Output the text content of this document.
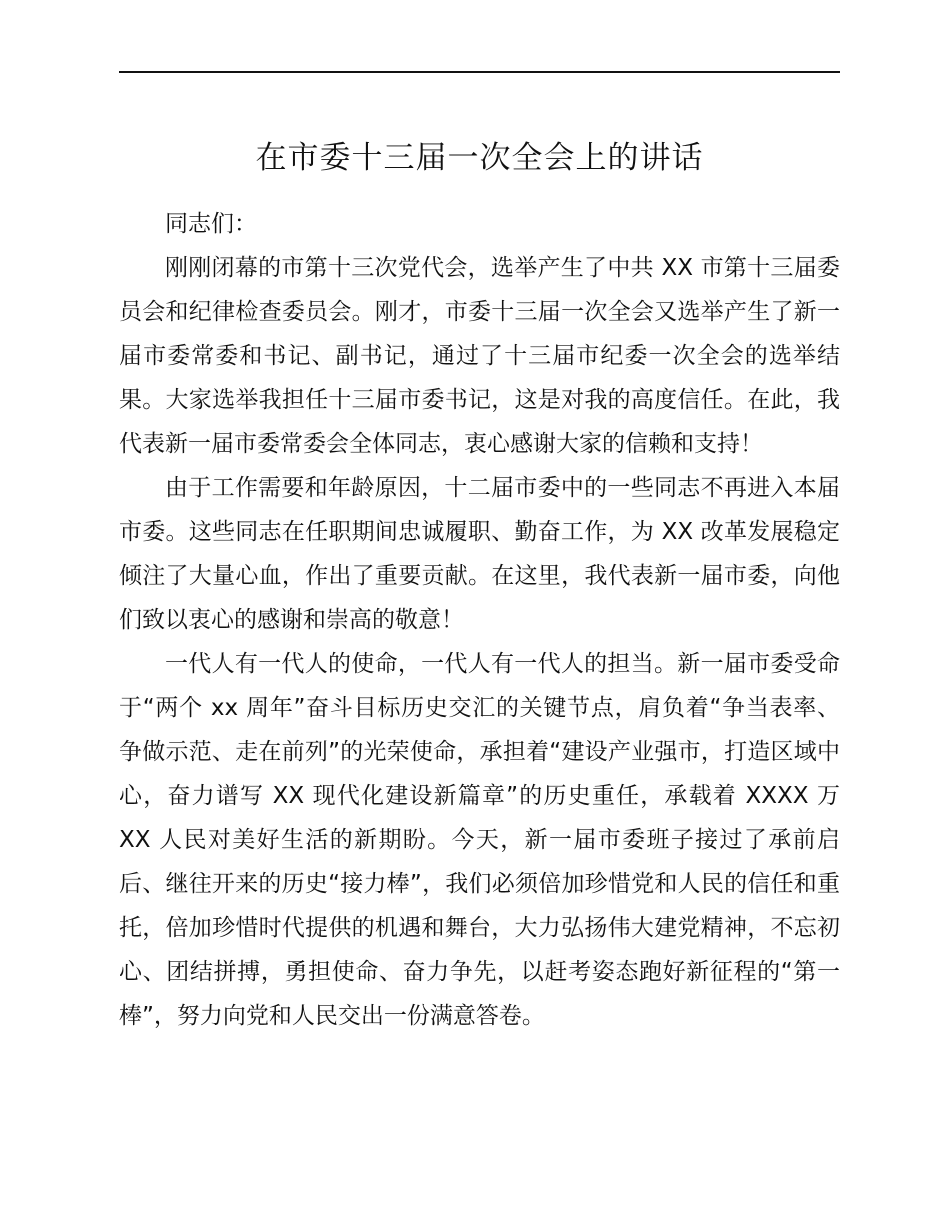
在市委十三届一次全会上的讲话

同志们：

刚刚闭幕的市第十三次党代会，选举产生了中共 XX 市第十三届委员会和纪律检查委员会。刚才，市委十三届一次全会又选举产生了新一届市委常委和书记、副书记，通过了十三届市纪委一次全会的选举结果。大家选举我担任十三届市委书记，这是对我的高度信任。在此，我代表新一届市委常委会全体同志，衷心感谢大家的信赖和支持！

由于工作需要和年龄原因，十二届市委中的一些同志不再进入本届市委。这些同志在任职期间忠诚履职、勤奋工作，为 XX 改革发展稳定倾注了大量心血，作出了重要贡献。在这里，我代表新一届市委，向他们致以衷心的感谢和崇高的敬意！

一代人有一代人的使命，一代人有一代人的担当。新一届市委受命于“两个 xx 周年”奋斗目标历史交汇的关键节点，肩负着“争当表率、争做示范、走在前列”的光荣使命，承担着“建设产业强市，打造区域中心，奋力谱写 XX 现代化建设新篇章”的历史重任，承载着 XXXX 万 XX 人民对美好生活的新期盼。今天，新一届市委班子接过了承前启后、继往开来的历史“接力棒”，我们必须倍加珍惜党和人民的信任和重托，倍加珍惜时代提供的机遇和舞台，大力弘扬伟大建党精神，不忘初心、团结拼搏，勇担使命、奋力争先，以赶考姿态跑好新征程的“第一棒”，努力向党和人民交出一份满意答卷。
